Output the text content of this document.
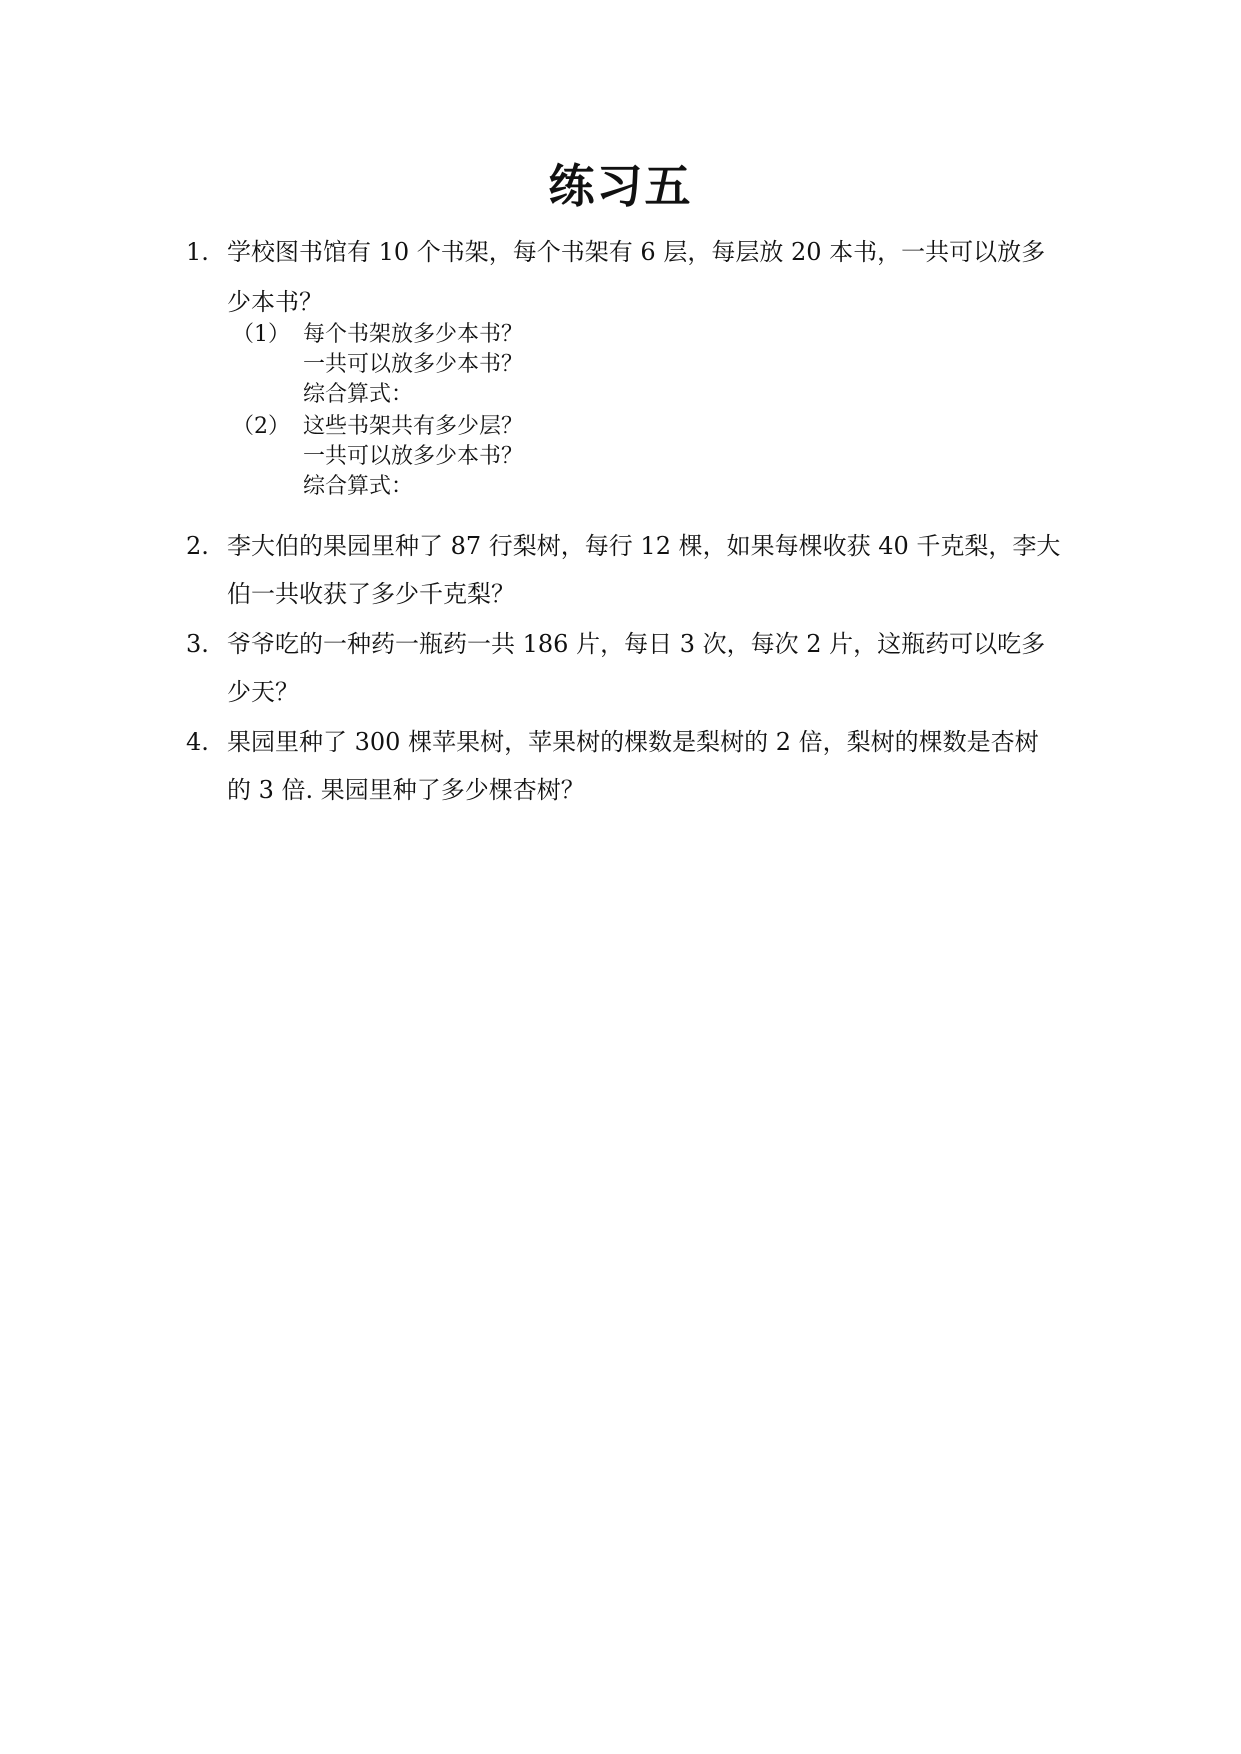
练习五
1. 学校图书馆有 10 个书架，每个书架有 6 层，每层放 20 本书，一共可以放多
少本书？
（1） 每个书架放多少本书？
一共可以放多少本书？
综合算式：
（2） 这些书架共有多少层？
一共可以放多少本书？
综合算式：
2. 李大伯的果园里种了 87 行梨树，每行 12 棵，如果每棵收获 40 千克梨，李大
伯一共收获了多少千克梨？
3. 爷爷吃的一种药一瓶药一共 186 片，每日 3 次，每次 2 片，这瓶药可以吃多
少天？
4. 果园里种了 300 棵苹果树，苹果树的棵数是梨树的 2 倍，梨树的棵数是杏树
的 3 倍. 果园里种了多少棵杏树？
